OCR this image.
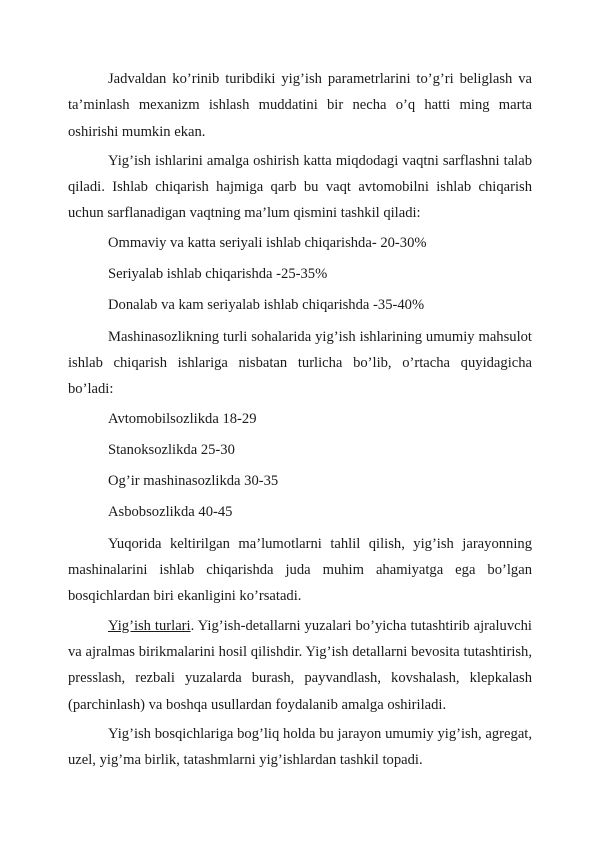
Jadvaldan ko’rinib turibdiki yig’ish parametrlarini to’g’ri beliglash va ta’minlash mexanizm ishlash muddatini bir necha o’q hatti ming marta oshirishi mumkin ekan.

Yig’ish ishlarini amalga oshirish katta miqdodagi vaqtni sarflashni talab qiladi. Ishlab chiqarish hajmiga qarb bu vaqt avtomobilni ishlab chiqarish uchun sarflanadigan vaqtning ma’lum qismini tashkil qiladi:

Ommaviy va katta seriyali ishlab chiqarishda- 20-30%

Seriyalab ishlab chiqarishda -25-35%

Donalab va kam seriyalab ishlab chiqarishda -35-40%

Mashinasozlikning turli sohalarida yig’ish ishlarining umumiy mahsulot ishlab chiqarish ishlariga nisbatan turlicha bo’lib, o’rtacha quyidagicha bo’ladi:

Avtomobilsozlikda 18-29

Stanoksozlikda 25-30

Og’ir mashinasozlikda 30-35

Asbobsozlikda 40-45

Yuqorida keltirilgan ma’lumotlarni tahlil qilish, yig’ish jarayonning mashinalarini ishlab chiqarishda juda muhim ahamiyatga ega bo’lgan bosqichlardan biri ekanligini ko’rsatadi.

Yig’ish turlari. Yig’ish-detallarni yuzalari bo’yicha tutashtirib ajraluvchi va ajralmas birikmalarini hosil qilishdir. Yig’ish detallarni bevosita tutashtirish, presslash, rezbali yuzalarda burash, payvandlash, kovshalash, klepkalash (parchinlash) va boshqa usullardan foydalanib amalga oshiriladi.

Yig’ish bosqichlariga bog’liq holda bu jarayon umumiy yig’ish, agregat, uzel, yig’ma birlik, tatashmlarni yig’ishlardan tashkil topadi.
